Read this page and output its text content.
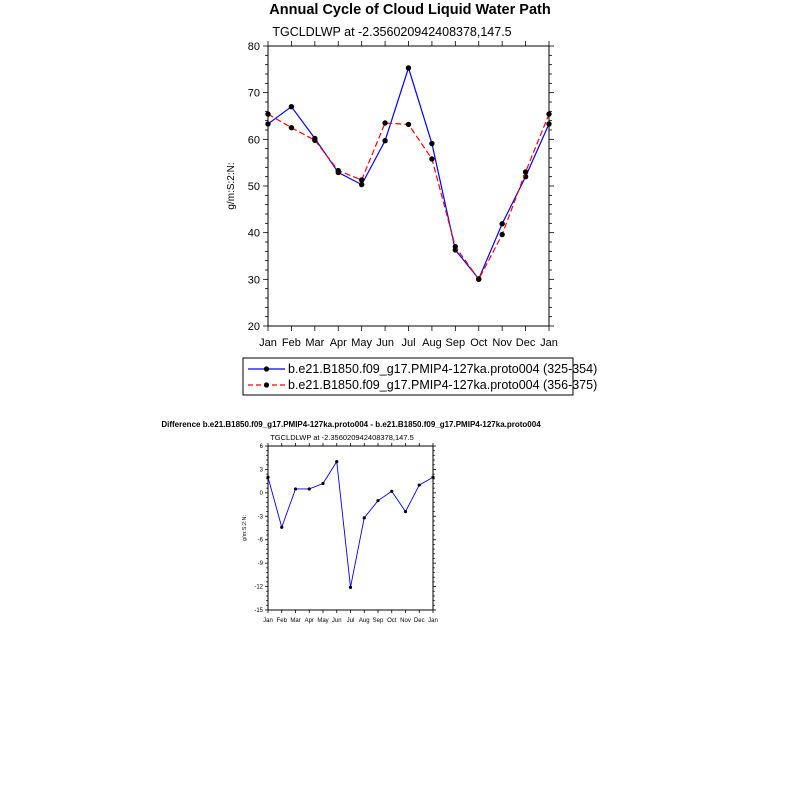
Annual Cycle of Cloud Liquid Water Path
TGCLDLWP at -2.356020942408378,147.5
g/m:S:2:N:
Jan Feb Mar Apr May Jun Jul Aug Sep Oct Nov Dec Jan
20
30
40
50
60
70
80
b.e21.B1850.f09_g17.PMIP4-127ka.proto004 (325-354)
b.e21.B1850.f09_g17.PMIP4-127ka.proto004 (356-375)
Difference b.e21.B1850.f09_g17.PMIP4-127ka.proto004 - b.e21.B1850.f09_g17.PMIP4-127ka.proto004
TGCLDLWP at -2.356020942408378,147.5
g/m:S:2:N:
Jan Feb Mar Apr May Jun Jul Aug Sep Oct Nov Dec Jan
-15
-12
-9
-6
-3
0
3
6
